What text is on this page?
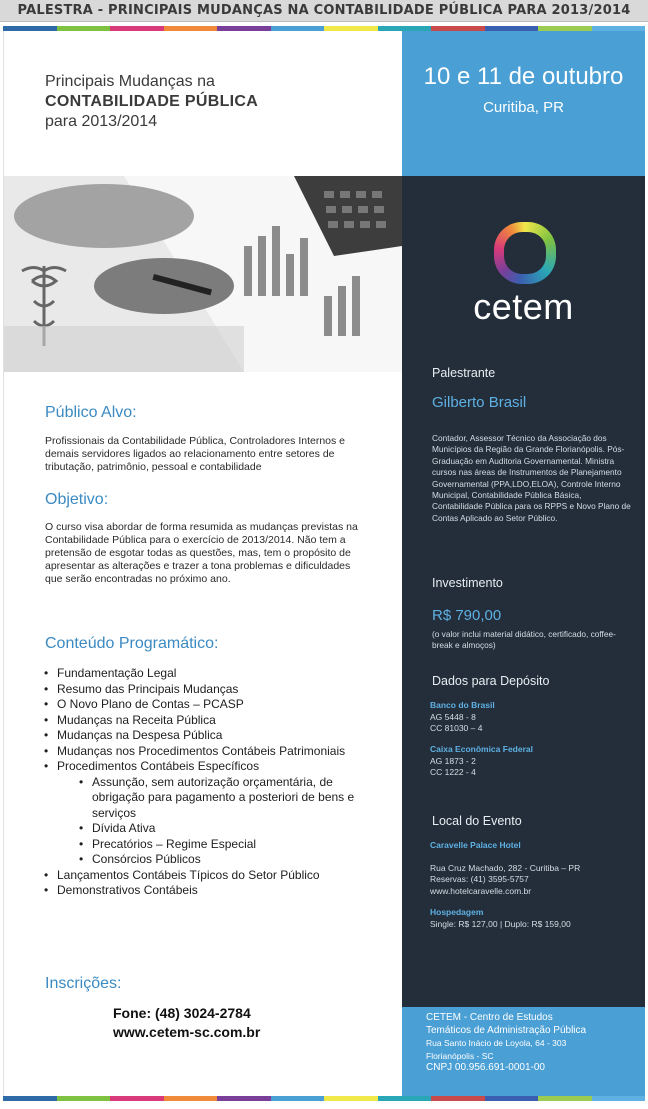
PALESTRA - PRINCIPAIS MUDANÇAS NA CONTABILIDADE PÚBLICA PARA 2013/2014
Principais Mudanças na
CONTABILIDADE PÚBLICA
para 2013/2014
Público Alvo:
Profissionais da Contabilidade Pública, Controladores Internos e demais servidores ligados ao relacionamento entre setores de tributação, patrimônio, pessoal e contabilidade
Objetivo:
O curso visa abordar de forma resumida as mudanças previstas na Contabilidade Pública para o exercício de 2013/2014. Não tem a pretensão de esgotar todas as questões, mas, tem o propósito de apresentar as alterações e trazer a tona problemas e dificuldades que serão encontradas no próximo ano.
Conteúdo Programático:
• Fundamentação Legal
• Resumo das Principais Mudanças
• O Novo Plano de Contas – PCASP
• Mudanças na Receita Pública
• Mudanças na Despesa Pública
• Mudanças nos Procedimentos Contábeis Patrimoniais
• Procedimentos Contábeis Específicos
• Assunção, sem autorização orçamentária, de obrigação para pagamento a posteriori de bens e serviços
• Dívida Ativa
• Precatórios – Regime Especial
• Consórcios Públicos
• Lançamentos Contábeis Típicos do Setor Público
• Demonstrativos Contábeis
Inscrições:
Fone: (48) 3024-2784
www.cetem-sc.com.br
10 e 11 de outubro
Curitiba, PR
cetem
Palestrante
Gilberto Brasil
Contador, Assessor Técnico da Associação dos Municípios da Região da Grande Florianópolis. Pós-Graduação em Auditoria Governamental. Ministra cursos nas áreas de Instrumentos de Planejamento Governamental (PPA,LDO,ELOA), Controle Interno Municipal, Contabilidade Pública Básica, Contabilidade Pública para os RPPS e Novo Plano de Contas Aplicado ao Setor Público.
Investimento
R$ 790,00
(o valor inclui material didático, certificado, coffee-break e almoços)
Dados para Depósito
Banco do Brasil
AG 5448 - 8
CC 81030 – 4
Caixa Econômica Federal
AG 1873 - 2
CC 1222 - 4
Local do Evento
Caravelle Palace Hotel
Rua Cruz Machado, 282 - Curitiba – PR
Reservas: (41) 3595-5757
www.hotelcaravelle.com.br
Hospedagem
Single: R$ 127,00 | Duplo: R$ 159,00
CETEM - Centro de Estudos
Temáticos de Administração Pública
Rua Santo Inácio de Loyola, 64 - 303
Florianópolis - SC
CNPJ 00.956.691-0001-00
